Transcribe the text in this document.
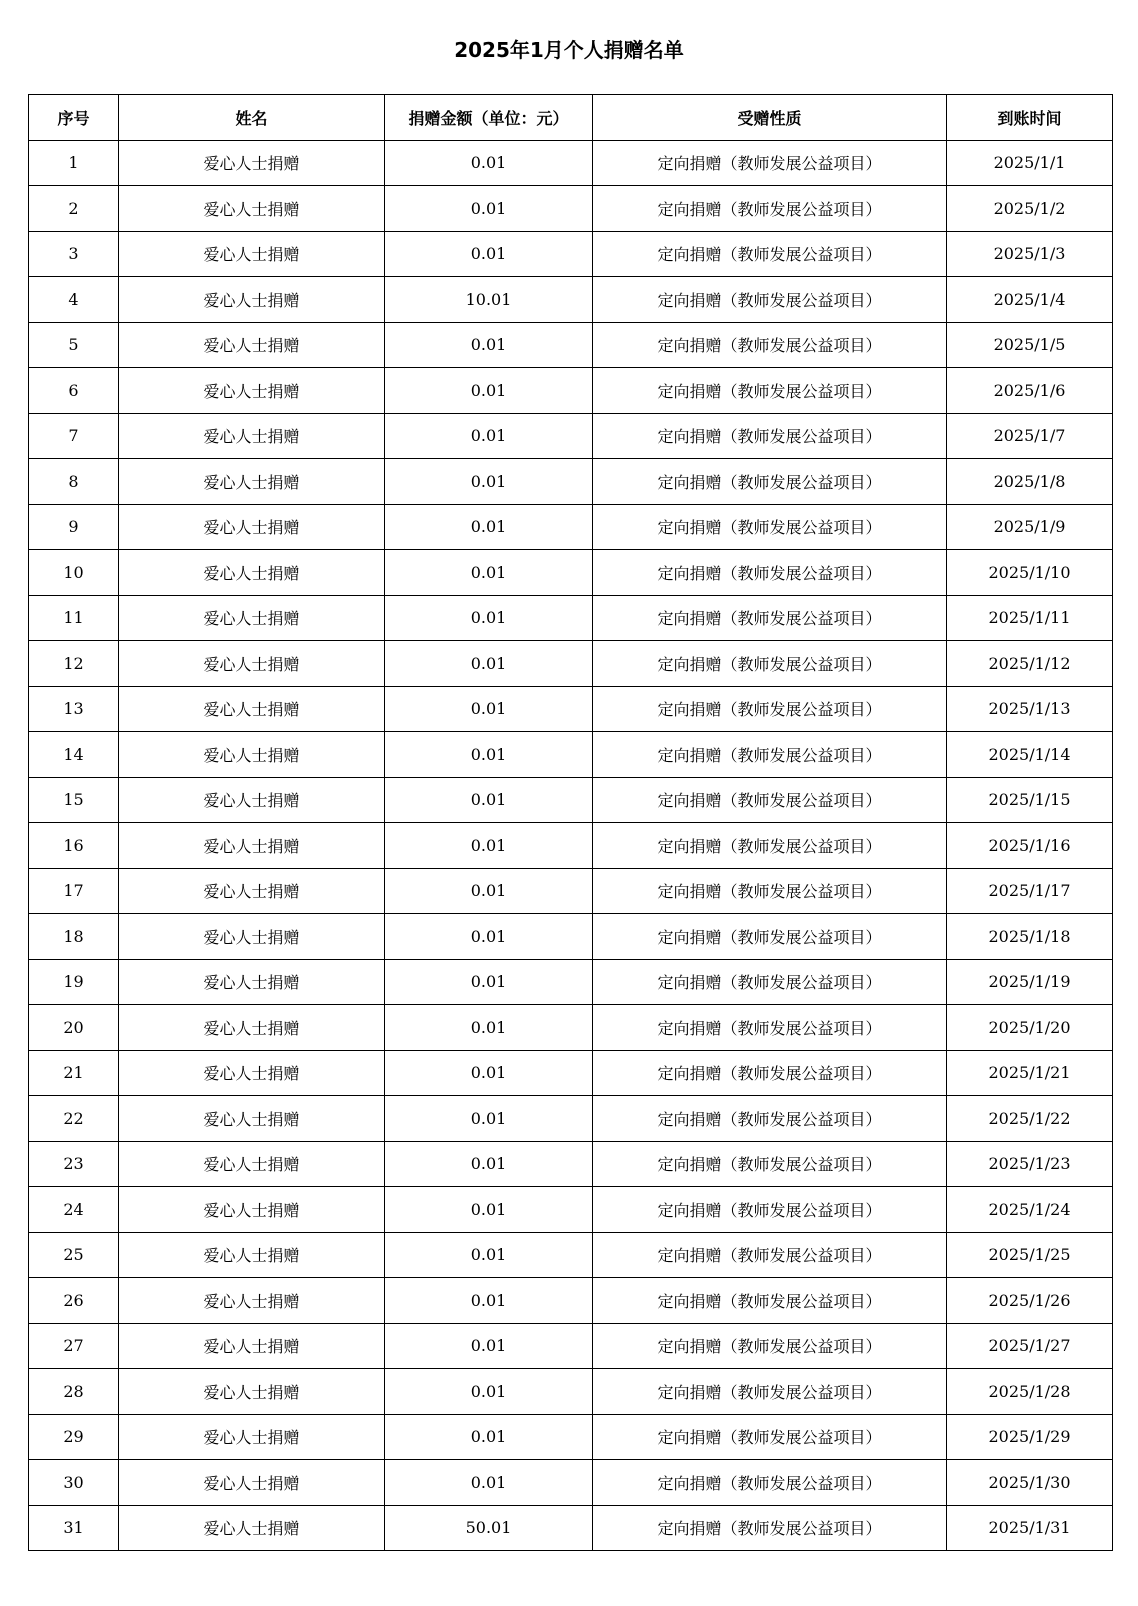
2025年1月个人捐赠名单
序号	姓名	捐赠金额（单位：元）	受赠性质	到账时间
1	爱心人士捐赠	0.01	定向捐赠（教师发展公益项目）	2025/1/1
2	爱心人士捐赠	0.01	定向捐赠（教师发展公益项目）	2025/1/2
3	爱心人士捐赠	0.01	定向捐赠（教师发展公益项目）	2025/1/3
4	爱心人士捐赠	10.01	定向捐赠（教师发展公益项目）	2025/1/4
5	爱心人士捐赠	0.01	定向捐赠（教师发展公益项目）	2025/1/5
6	爱心人士捐赠	0.01	定向捐赠（教师发展公益项目）	2025/1/6
7	爱心人士捐赠	0.01	定向捐赠（教师发展公益项目）	2025/1/7
8	爱心人士捐赠	0.01	定向捐赠（教师发展公益项目）	2025/1/8
9	爱心人士捐赠	0.01	定向捐赠（教师发展公益项目）	2025/1/9
10	爱心人士捐赠	0.01	定向捐赠（教师发展公益项目）	2025/1/10
11	爱心人士捐赠	0.01	定向捐赠（教师发展公益项目）	2025/1/11
12	爱心人士捐赠	0.01	定向捐赠（教师发展公益项目）	2025/1/12
13	爱心人士捐赠	0.01	定向捐赠（教师发展公益项目）	2025/1/13
14	爱心人士捐赠	0.01	定向捐赠（教师发展公益项目）	2025/1/14
15	爱心人士捐赠	0.01	定向捐赠（教师发展公益项目）	2025/1/15
16	爱心人士捐赠	0.01	定向捐赠（教师发展公益项目）	2025/1/16
17	爱心人士捐赠	0.01	定向捐赠（教师发展公益项目）	2025/1/17
18	爱心人士捐赠	0.01	定向捐赠（教师发展公益项目）	2025/1/18
19	爱心人士捐赠	0.01	定向捐赠（教师发展公益项目）	2025/1/19
20	爱心人士捐赠	0.01	定向捐赠（教师发展公益项目）	2025/1/20
21	爱心人士捐赠	0.01	定向捐赠（教师发展公益项目）	2025/1/21
22	爱心人士捐赠	0.01	定向捐赠（教师发展公益项目）	2025/1/22
23	爱心人士捐赠	0.01	定向捐赠（教师发展公益项目）	2025/1/23
24	爱心人士捐赠	0.01	定向捐赠（教师发展公益项目）	2025/1/24
25	爱心人士捐赠	0.01	定向捐赠（教师发展公益项目）	2025/1/25
26	爱心人士捐赠	0.01	定向捐赠（教师发展公益项目）	2025/1/26
27	爱心人士捐赠	0.01	定向捐赠（教师发展公益项目）	2025/1/27
28	爱心人士捐赠	0.01	定向捐赠（教师发展公益项目）	2025/1/28
29	爱心人士捐赠	0.01	定向捐赠（教师发展公益项目）	2025/1/29
30	爱心人士捐赠	0.01	定向捐赠（教师发展公益项目）	2025/1/30
31	爱心人士捐赠	50.01	定向捐赠（教师发展公益项目）	2025/1/31
